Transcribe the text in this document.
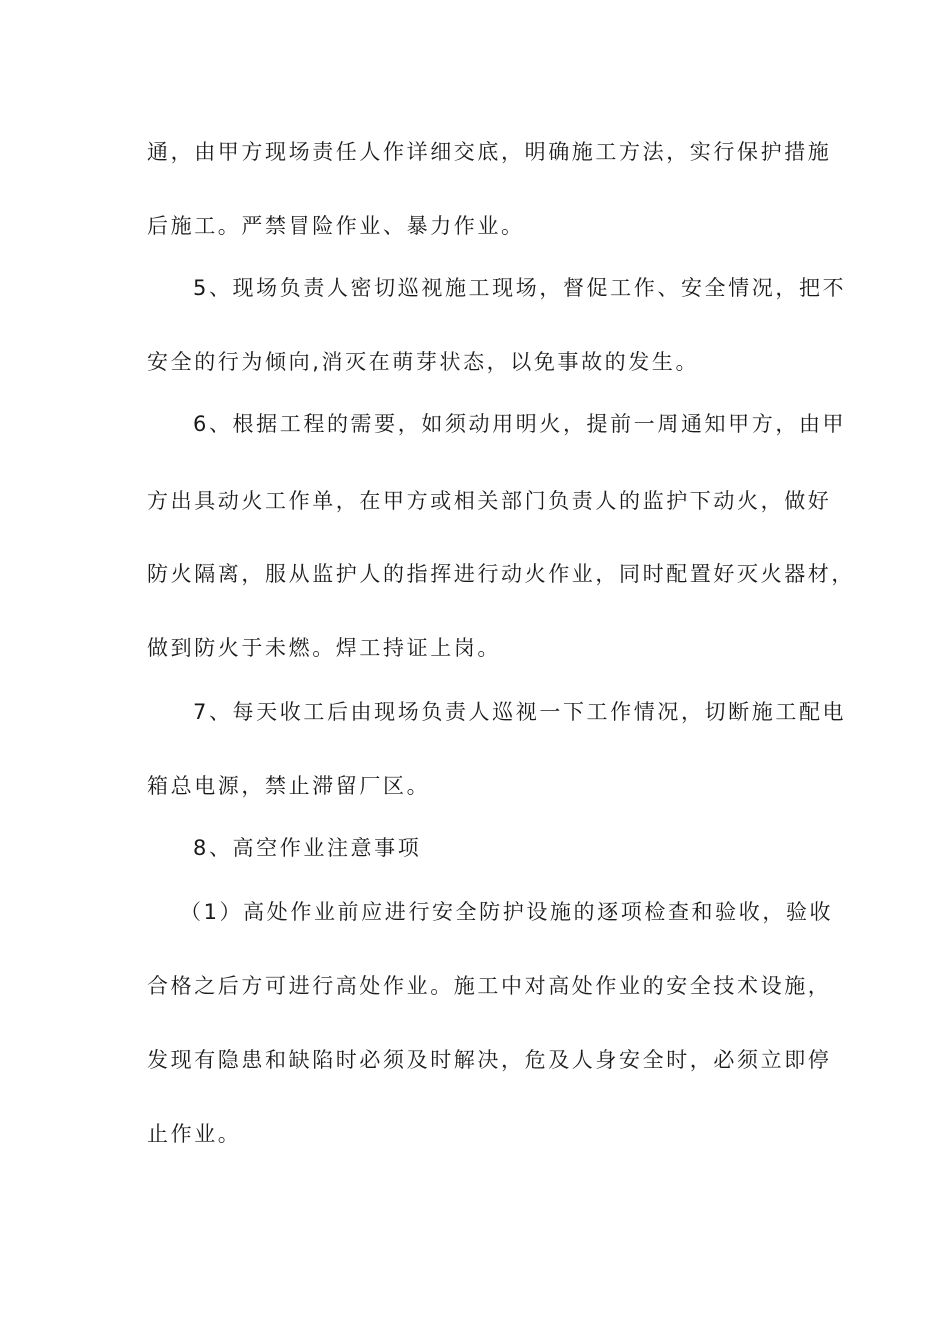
通，由甲方现场责任人作详细交底，明确施工方法，实行保护措施
后施工。严禁冒险作业、暴力作业。
5、现场负责人密切巡视施工现场，督促工作、安全情况，把不
安全的行为倾向,消灭在萌芽状态，以免事故的发生。
6、根据工程的需要，如须动用明火，提前一周通知甲方，由甲
方出具动火工作单，在甲方或相关部门负责人的监护下动火，做好
防火隔离，服从监护人的指挥进行动火作业，同时配置好灭火器材，
做到防火于未燃。焊工持证上岗。
7、每天收工后由现场负责人巡视一下工作情况，切断施工配电
箱总电源，禁止滞留厂区。
8、高空作业注意事项
（1）高处作业前应进行安全防护设施的逐项检查和验收，验收
合格之后方可进行高处作业。施工中对高处作业的安全技术设施，
发现有隐患和缺陷时必须及时解决，危及人身安全时，必须立即停
止作业。
